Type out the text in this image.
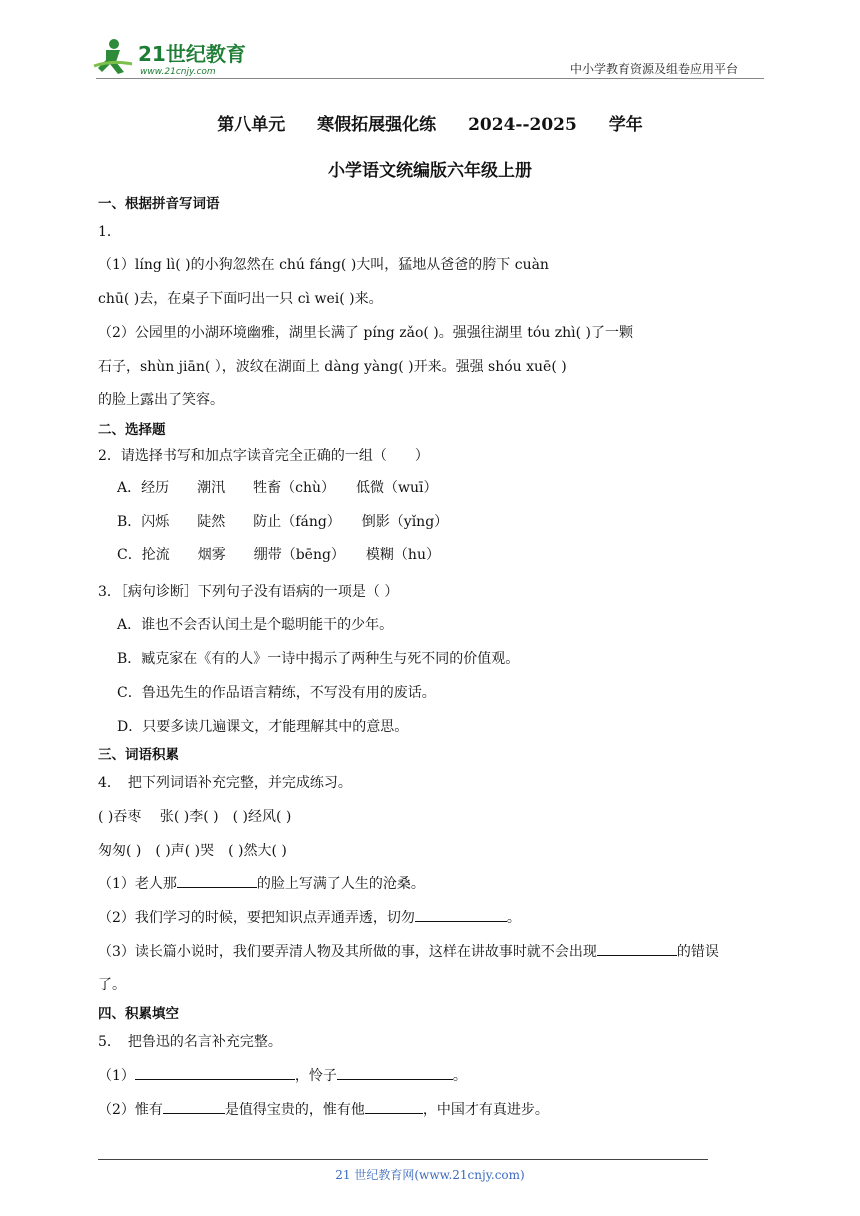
21世纪教育
www.21cnjy.com	中小学教育资源及组卷应用平台
第八单元 寒假拓展强化练 2024--2025 学年
小学语文统编版六年级上册
一、根据拼音写词语
1．
（1）líng lì( )的小狗忽然在 chú fáng( )大叫，猛地从爸爸的胯下 cuàn
chū( )去，在桌子下面叼出一只 cì wei( )来。
（2）公园里的小湖环境幽雅，湖里长满了 píng zǎo( )。强强往湖里 tóu zhì( )了一颗
石子，shùn jiān( ），波纹在湖面上 dàng yàng( )开来。强强 shóu xuē( )
的脸上露出了笑容。
二、选择题
2．请选择书写和加点字读音完全正确的一组（　　）
A．经历　　潮汛　　牲畜（chù）　　低微（wuī）
B．闪烁　　陡然　　防止（fáng）　　倒影（yǐng）
C．抡流　　烟雾　　绷带（bēng）　　模糊（hu）
3．［病句诊断］下列句子没有语病的一项是（ ）
A．谁也不会否认闰土是个聪明能干的少年。
B．臧克家在《有的人》一诗中揭示了两种生与死不同的价值观。
C．鲁迅先生的作品语言精练，不写没有用的废话。
D．只要多读几遍课文，才能理解其中的意思。
三、词语积累
4．　把下列词语补充完整，并完成练习。
( )吞枣　 张( )李( )　( )经风( )
匆匆( )　( )声( )哭　( )然大( )
（1）老人那	的脸上写满了人生的沧桑。
（2）我们学习的时候，要把知识点弄通弄透，切勿	。
（3）读长篇小说时，我们要弄清人物及其所做的事，这样在讲故事时就不会出现	的错误
了。
四、积累填空
5．　把鲁迅的名言补充完整。
（1）	，怜子	。
（2）惟有	是值得宝贵的，惟有他	，中国才有真进步。
21 世纪教育网(www.21cnjy.com)
